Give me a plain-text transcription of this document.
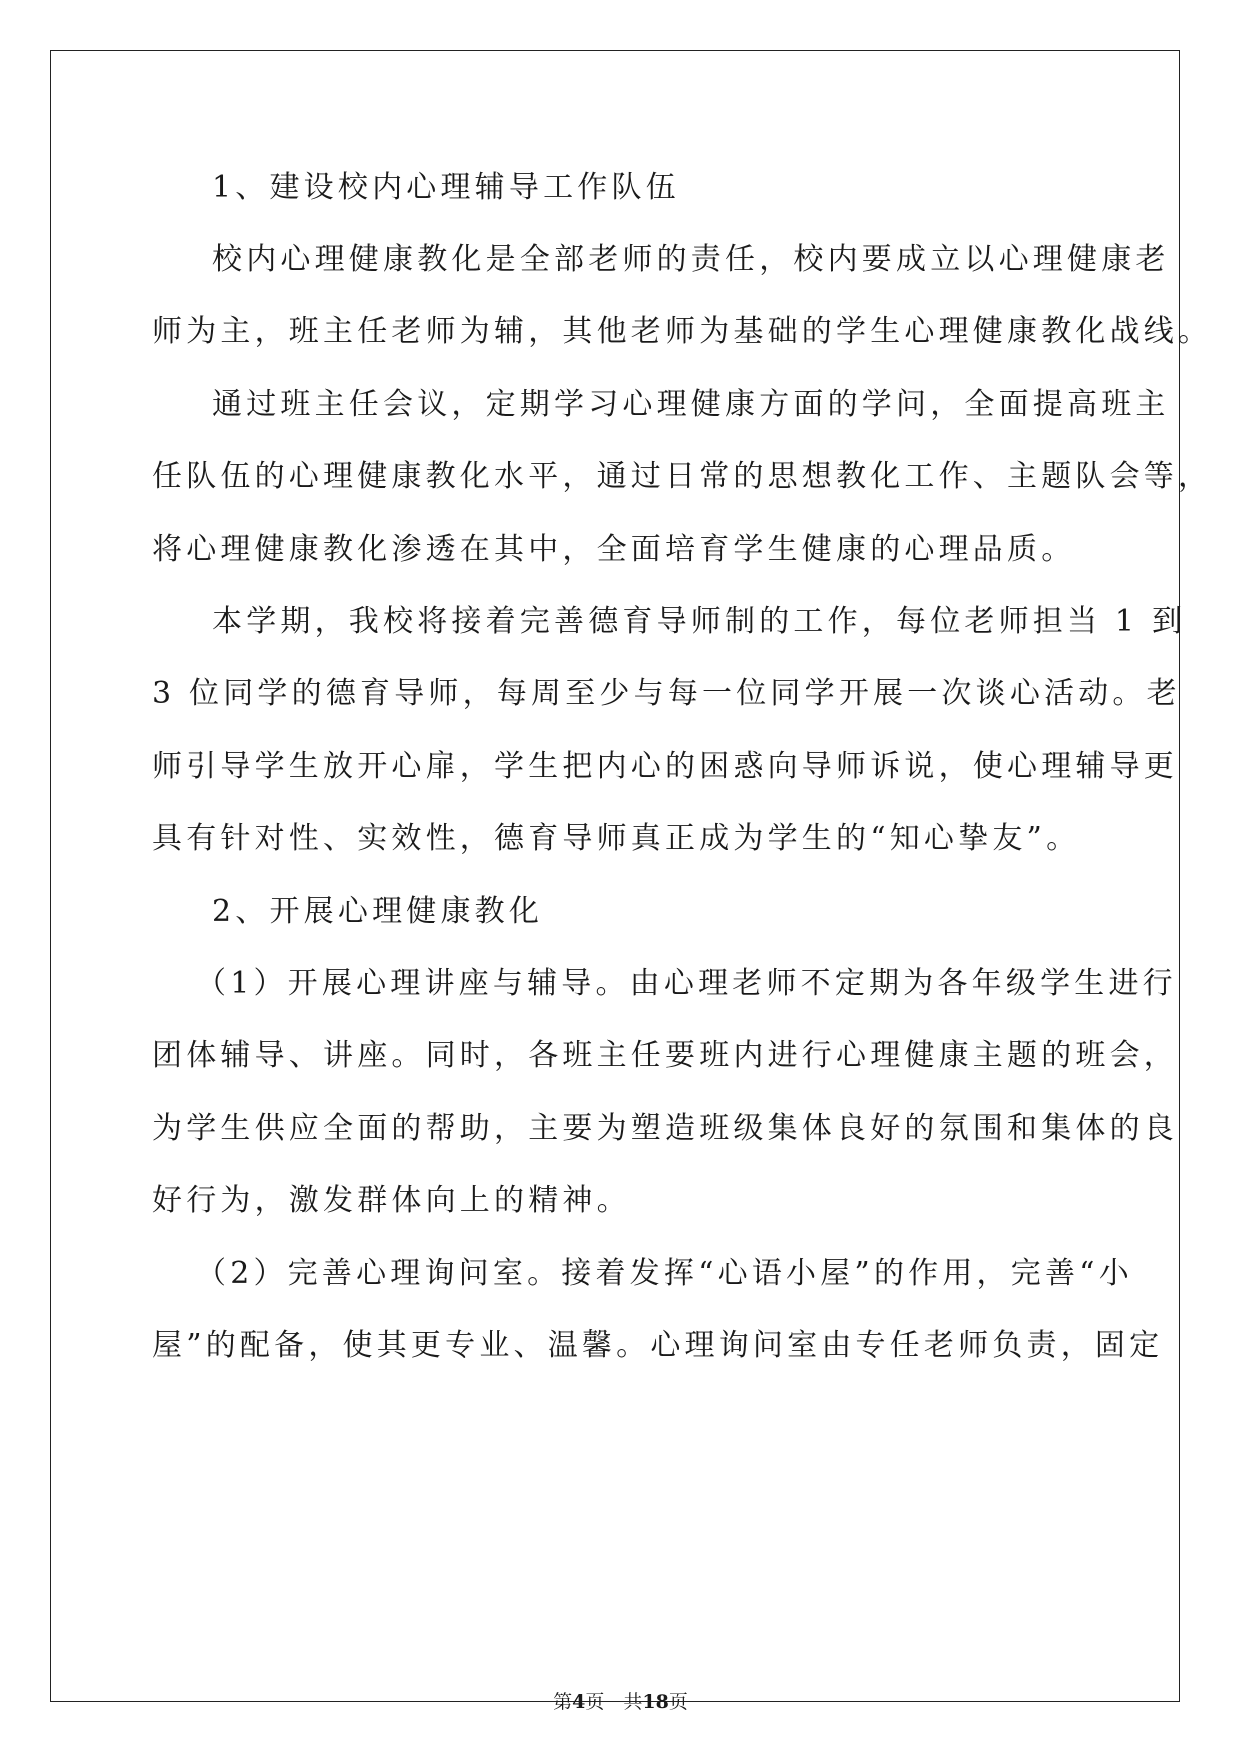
1、建设校内心理辅导工作队伍
校内心理健康教化是全部老师的责任，校内要成立以心理健康老
师为主，班主任老师为辅，其他老师为基础的学生心理健康教化战线。
通过班主任会议，定期学习心理健康方面的学问，全面提高班主
任队伍的心理健康教化水平，通过日常的思想教化工作、主题队会等，
将心理健康教化渗透在其中，全面培育学生健康的心理品质。
本学期，我校将接着完善德育导师制的工作，每位老师担当 1 到
3 位同学的德育导师，每周至少与每一位同学开展一次谈心活动。老
师引导学生放开心扉，学生把内心的困惑向导师诉说，使心理辅导更
具有针对性、实效性，德育导师真正成为学生的“知心挚友”。
2、开展心理健康教化
（1）开展心理讲座与辅导。由心理老师不定期为各年级学生进行
团体辅导、讲座。同时，各班主任要班内进行心理健康主题的班会，
为学生供应全面的帮助，主要为塑造班级集体良好的氛围和集体的良
好行为，激发群体向上的精神。
（2）完善心理询问室。接着发挥“心语小屋”的作用，完善“小
屋”的配备，使其更专业、温馨。心理询问室由专任老师负责，固定
第4页　 共18页
